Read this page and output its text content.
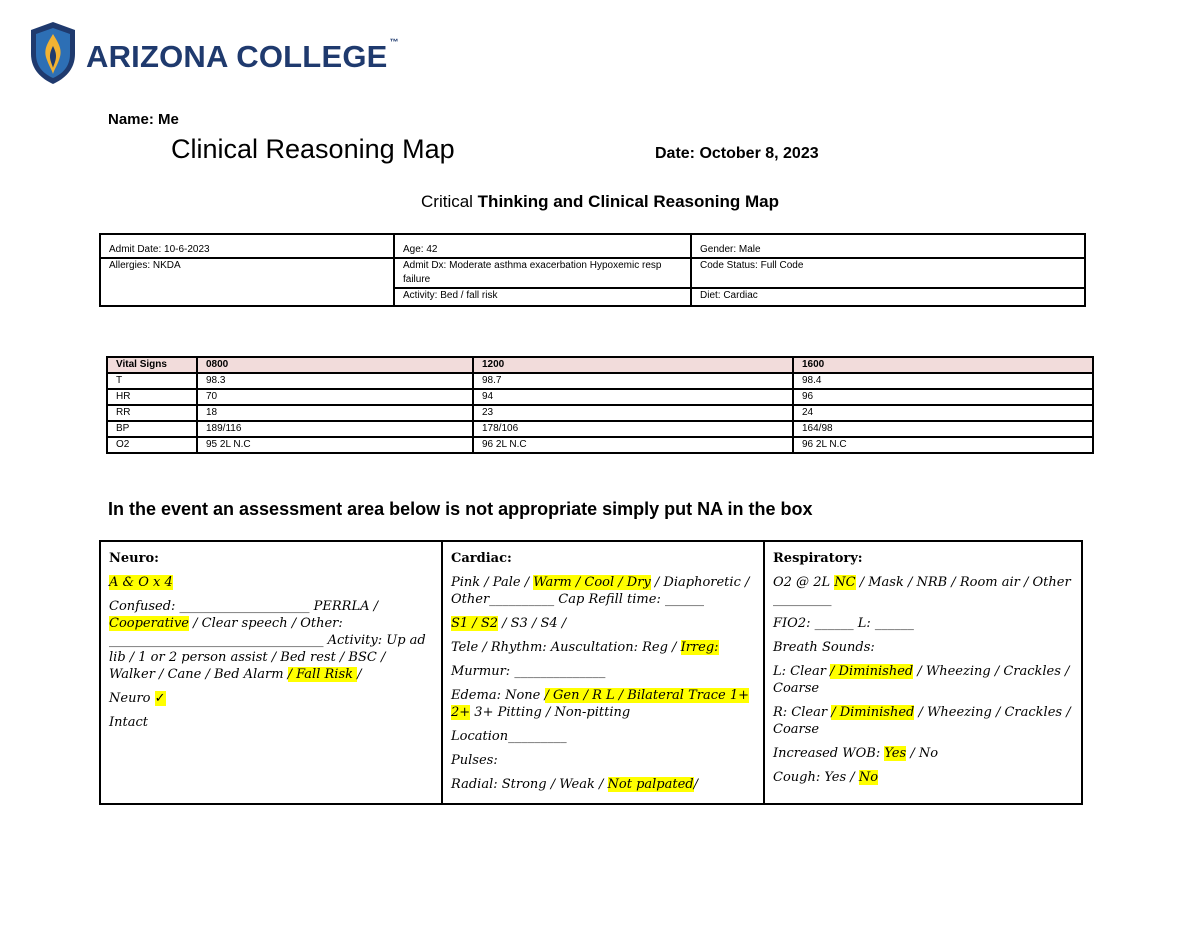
ARIZONA COLLEGE ™
Name: Me
Clinical Reasoning Map	Date: October 8, 2023
Critical Thinking and Clinical Reasoning Map
Admit Date: 10-6-2023	Age: 42	Gender: Male
Allergies: NKDA	Admit Dx: Moderate asthma exacerbation Hypoxemic resp failure	Code Status: Full Code
	Activity: Bed / fall risk	Diet: Cardiac
Vital Signs	0800	1200	1600
T	98.3	98.7	98.4
HR	70	94	96
RR	18	23	24
BP	189/116	178/106	164/98
O2	95 2L N.C	96 2L N.C	96 2L N.C
In the event an assessment area below is not appropriate simply put NA in the box

Neuro:

A & O x 4

Confused: ____________________ PERRLA / Cooperative / Clear speech / Other: _________________________________ Activity: Up ad lib / 1 or 2 person assist / Bed rest / BSC / Walker / Cane / Bed Alarm / Fall Risk /

Neuro ✓

Intact

Cardiac:

Pink / Pale / Warm / Cool / Dry / Diaphoretic / Other__________ Cap Refill time: ______

S1 / S2 / S3 / S4 /

Tele / Rhythm: Auscultation: Reg / Irreg:

Murmur: ______________

Edema: None / Gen / R L / Bilateral Trace 1+ 2+ 3+ Pitting / Non-pitting

Location_________

Pulses:

Radial: Strong / Weak / Not palpated/

Respiratory:

O2 @ 2L NC / Mask / NRB / Room air / Other _________

FIO2: ______ L: ______

Breath Sounds:

L: Clear / Diminished / Wheezing / Crackles / Coarse

R: Clear / Diminished / Wheezing / Crackles / Coarse

Increased WOB: Yes / No

Cough: Yes / No
